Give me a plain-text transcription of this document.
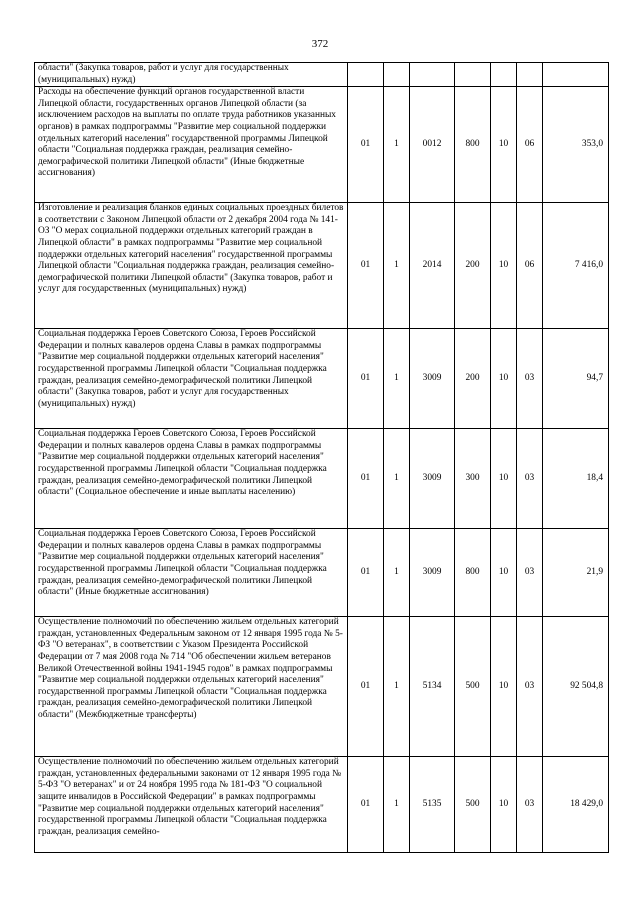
372
области" (Закупка товаров, работ и услуг для государственных (муниципальных) нужд)							
Расходы на обеспечение функций органов государственной власти Липецкой области, государственных органов Липецкой области (за исключением расходов на выплаты по оплате труда работников указанных органов) в рамках подпрограммы "Развитие мер социальной поддержки отдельных категорий населения" государственной программы Липецкой области "Социальная поддержка граждан, реализация семейно-демографической политики Липецкой области" (Иные бюджетные ассигнования)	01	1	0012	800	10	06	353,0
Изготовление и реализация бланков единых социальных проездных билетов в соответствии с Законом Липецкой области от 2 декабря 2004 года № 141-ОЗ "О мерах социальной поддержки отдельных категорий граждан в Липецкой области" в рамках подпрограммы "Развитие мер социальной поддержки отдельных категорий населения" государственной программы Липецкой области "Социальная поддержка граждан, реализация семейно-демографической политики Липецкой области" (Закупка товаров, работ и услуг для государственных (муниципальных) нужд)	01	1	2014	200	10	06	7 416,0
Социальная поддержка Героев Советского Союза, Героев Российской Федерации и полных кавалеров ордена Славы в рамках подпрограммы "Развитие мер социальной поддержки отдельных категорий населения" государственной программы Липецкой области "Социальная поддержка граждан, реализация семейно-демографической политики Липецкой области" (Закупка товаров, работ и услуг для государственных (муниципальных) нужд)	01	1	3009	200	10	03	94,7
Социальная поддержка Героев Советского Союза, Героев Российской Федерации и полных кавалеров ордена Славы в рамках подпрограммы "Развитие мер социальной поддержки отдельных категорий населения" государственной программы Липецкой области "Социальная поддержка граждан, реализация семейно-демографической политики Липецкой области" (Социальное обеспечение и иные выплаты населению)	01	1	3009	300	10	03	18,4
Социальная поддержка Героев Советского Союза, Героев Российской Федерации и полных кавалеров ордена Славы в рамках подпрограммы "Развитие мер социальной поддержки отдельных категорий населения" государственной программы Липецкой области "Социальная поддержка граждан, реализация семейно-демографической политики Липецкой области" (Иные бюджетные ассигнования)	01	1	3009	800	10	03	21,9
Осуществление полномочий по обеспечению жильем отдельных категорий граждан, установленных Федеральным законом от 12 января 1995 года № 5-ФЗ "О ветеранах", в соответствии с Указом Президента Российской Федерации от 7 мая 2008 года № 714 "Об обеспечении жильем ветеранов Великой Отечественной войны 1941-1945 годов" в рамках подпрограммы "Развитие мер социальной поддержки отдельных категорий населения" государственной программы Липецкой области "Социальная поддержка граждан, реализация семейно-демографической политики Липецкой области" (Межбюджетные трансферты)	01	1	5134	500	10	03	92 504,8
Осуществление полномочий по обеспечению жильем отдельных категорий граждан, установленных федеральными законами от 12 января 1995 года № 5-ФЗ "О ветеранах" и от 24 ноября 1995 года № 181-ФЗ "О социальной защите инвалидов в Российской Федерации" в рамках подпрограммы "Развитие мер социальной поддержки отдельных категорий населения" государственной программы Липецкой области "Социальная поддержка граждан, реализация семейно-	01	1	5135	500	10	03	18 429,0
